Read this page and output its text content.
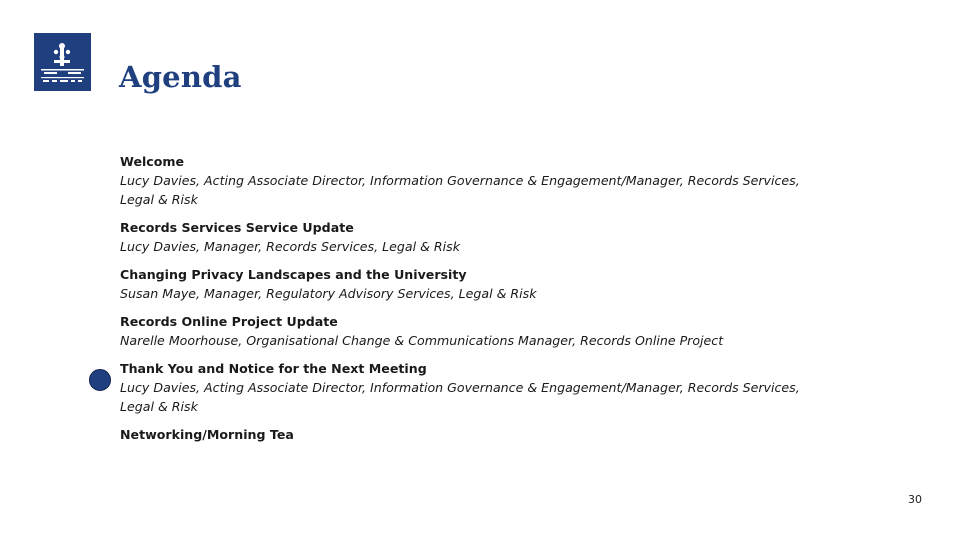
Agenda
Welcome
Lucy Davies, Acting Associate Director, Information Governance & Engagement/Manager, Records Services, Legal & Risk
Records Services Service Update
Lucy Davies, Manager, Records Services, Legal & Risk
Changing Privacy Landscapes and the University
Susan Maye, Manager, Regulatory Advisory Services, Legal & Risk
Records Online Project Update
Narelle Moorhouse, Organisational Change & Communications Manager, Records Online Project
Thank You and Notice for the Next Meeting
Lucy Davies, Acting Associate Director, Information Governance & Engagement/Manager, Records Services, Legal & Risk
Networking/Morning Tea
30
